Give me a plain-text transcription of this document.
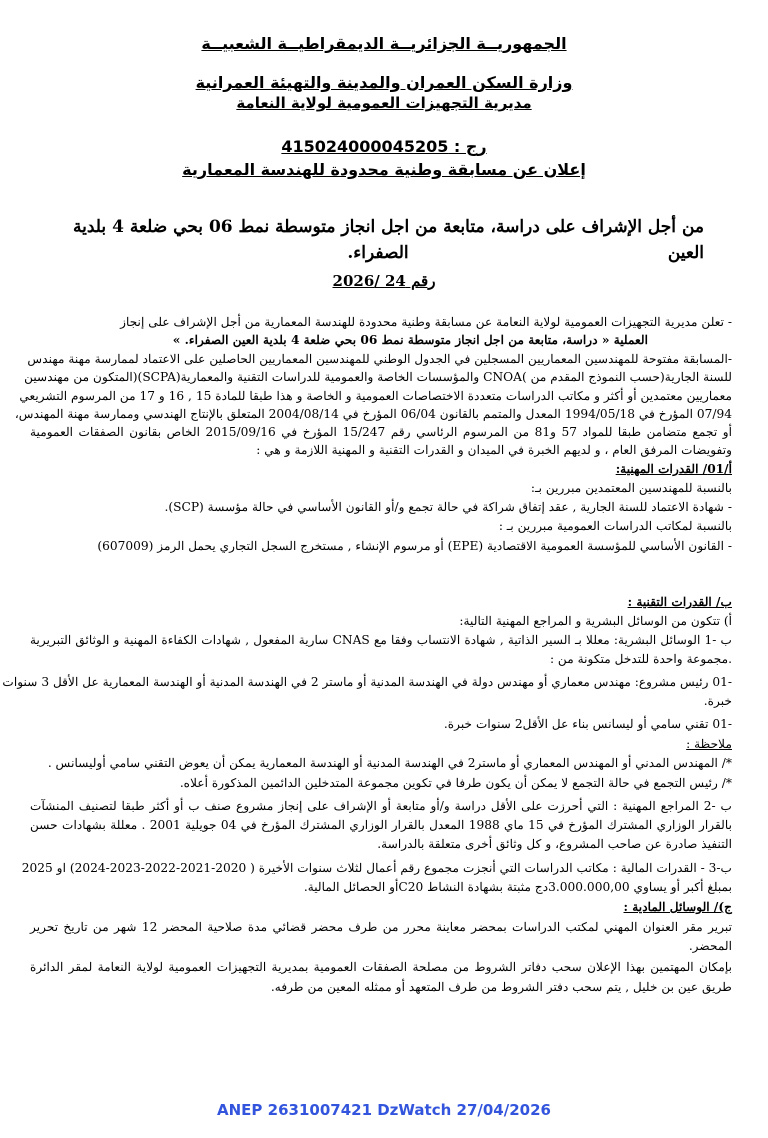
الجمهوريــة الجزائريــة الديمقراطيــة الشعبيــة
وزارة السكن العمران والمدينة والتهيئة العمرانية
مديرية التجهيزات العمومية لولاية النعامة
رج : 415024000045205
إعلان عن مسابقة وطنية محدودة للهندسة المعمارية
من أجل الإشراف على دراسة، متابعة من اجل انجاز متوسطة نمط 06 بحي ضلعة 4 بلدية العين
الصفراء.
رقم 24 /2026
- تعلن مديرية التجهيزات العمومية لولاية النعامة عن مسابقة وطنية محدودة للهندسة المعمارية من أجل الإشراف على إنجاز
العملية « دراسة، متابعة من اجل انجاز متوسطة نمط 06 بحي ضلعة 4 بلدية العين الصفراء. »
-المسابقة مفتوحة للمهندسين المعماريين المسجلين في الجدول الوطني للمهندسين المعماريين الحاصلين على الاعتماد لممارسة مهنة مهندس
للسنة الجارية(حسب النموذج المقدم من )CNOA والمؤسسات الخاصة والعمومية للدراسات التقنية والمعمارية(SCPA)(المتكون من مهندسين
معماريين معتمدين أو أكثر و مكاتب الدراسات متعددة الاختصاصات العمومية و الخاصة و هذا طبقا للمادة 15 , 16 و 17 من المرسوم التشريعي
07/94 المؤرخ في 1994/05/18 المعدل والمتمم بالقانون 06/04 المؤرخ في 2004/08/14 المتعلق بالإنتاج الهندسي وممارسة مهنة المهندس،
أو تجمع متضامن طبقا للمواد 57 و81 من المرسوم الرئاسي رقم 15/247 المؤرخ في 2015/09/16 الخاص بقانون الصفقات العمومية
وتفويضات المرفق العام ، و لديهم الخبرة في الميدان و القدرات التقنية و المهنية اللازمة و هي :
أ/01/ القدرات المهنية:
بالنسبة للمهندسين المعتمدين مبررين بـ:
- شهادة الاعتماد للسنة الجارية , عقد إتفاق شراكة في حالة تجمع و/أو القانون الأساسي في حالة مؤسسة (SCP).
بالنسبة لمكاتب الدراسات العمومية مبررين بـ :
- القانون الأساسي للمؤسسة العمومية الاقتصادية (EPE) أو مرسوم الإنشاء , مستخرج السجل التجاري يحمل الرمز (607009)
ب/ القدرات التقنية :
أ) تتكون من الوسائل البشرية و المراجع المهنية التالية:
ب -1 الوسائل البشرية: معللا بـ السير الذاتية , شهادة الانتساب وفقا مع CNAS سارية المفعول , شهادات الكفاءة المهنية و الوثائق التبريرية
.مجموعة واحدة للتدخل متكونة من :
-01 رئيس مشروع: مهندس معماري أو مهندس دولة في الهندسة المدنية أو ماستر 2 في الهندسة المدنية أو الهندسة المعمارية عل الأقل 3 سنوات
خبرة.
-01 تقني سامي أو ليسانس بناء عل الأقل2 سنوات خبرة.
ملاحظة :
*/ المهندس المدني أو المهندس المعماري أو ماستر2 في الهندسة المدنية أو الهندسة المعمارية يمكن أن يعوض التقني سامي أوليسانس .
*/ رئيس التجمع في حالة التجمع لا يمكن أن يكون طرفا في تكوين مجموعة المتدخلين الدائمين المذكورة أعلاه.
ب -2 المراجع المهنية : التي أحرزت على الأقل دراسة و/أو متابعة أو الإشراف على إنجاز مشروع صنف ب أو أكثر طبقا لتصنيف المنشآت
بالقرار الوزاري المشترك المؤرخ في 15 ماي 1988 المعدل بالقرار الوزاري المشترك المؤرخ في 04 جويلية 2001 . معللة بشهادات حسن
التنفيذ صادرة عن صاحب المشروع، و كل وثائق أخرى متعلقة بالدراسة.
ب-3 - القدرات المالية : مكاتب الدراسات التي أنجزت مجموع رقم أعمال لثلاث سنوات الأخيرة ( 2020-2021-2022-2023-2024) او 2025
بمبلغ أكبر أو يساوي 3.000.000,00دج مثبتة بشهادة النشاط C20أو الحصائل المالية.
ج)/ الوسائل المادية :
تبرير مقر العنوان المهني لمكتب الدراسات بمحضر معاينة محرر من طرف محضر قضائي مدة صلاحية المحضر 12 شهر من تاريخ تحرير
المحضر.
بإمكان المهتمين بهذا الإعلان سحب دفاتر الشروط من مصلحة الصفقات العمومية بمديرية التجهيزات العمومية لولاية النعامة لمقر الدائرة
طريق عين بن خليل , يتم سحب دفتر الشروط من طرف المتعهد أو ممثله المعين من طرفه.
ANEP 2631007421 DzWatch 27/04/2026
